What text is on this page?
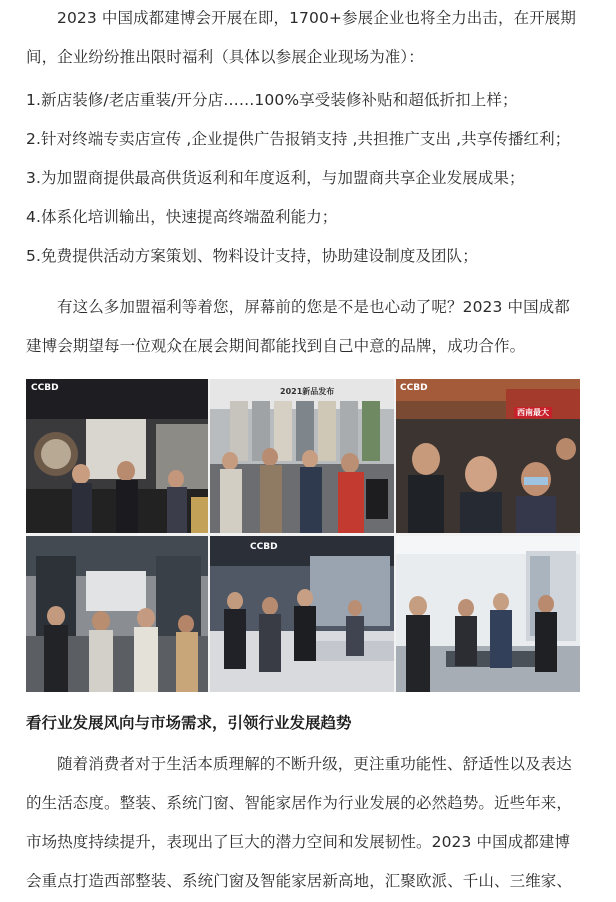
2023 中国成都建博会开展在即，1700+参展企业也将全力出击，在开展期
间，企业纷纷推出限时福利（具体以参展企业现场为准）：
1.新店装修/老店重装/开分店……100%享受装修补贴和超低折扣上样；
2.针对终端专卖店宣传 ,企业提供广告报销支持 ,共担推广支出 ,共享传播红利；
3.为加盟商提供最高供货返利和年度返利，与加盟商共享企业发展成果；
4.体系化培训输出，快速提高终端盈利能力；
5.免费提供活动方案策划、物料设计支持，协助建设制度及团队；
有这么多加盟福利等着您，屏幕前的您是不是也心动了呢？2023 中国成都
建博会期望每一位观众在展会期间都能找到自己中意的品牌，成功合作。
CCBD	2021新品发布	CCBD
西南最大
CCBD
看行业发展风向与市场需求，引领行业发展趋势
随着消费者对于生活本质理解的不断升级，更注重功能性、舒适性以及表达
的生活态度。整装、系统门窗、智能家居作为行业发展的必然趋势。近些年来，
市场热度持续提升，表现出了巨大的潜力空间和发展韧性。2023 中国成都建博
会重点打造西部整装、系统门窗及智能家居新高地，汇聚欧派、千山、三维家、
